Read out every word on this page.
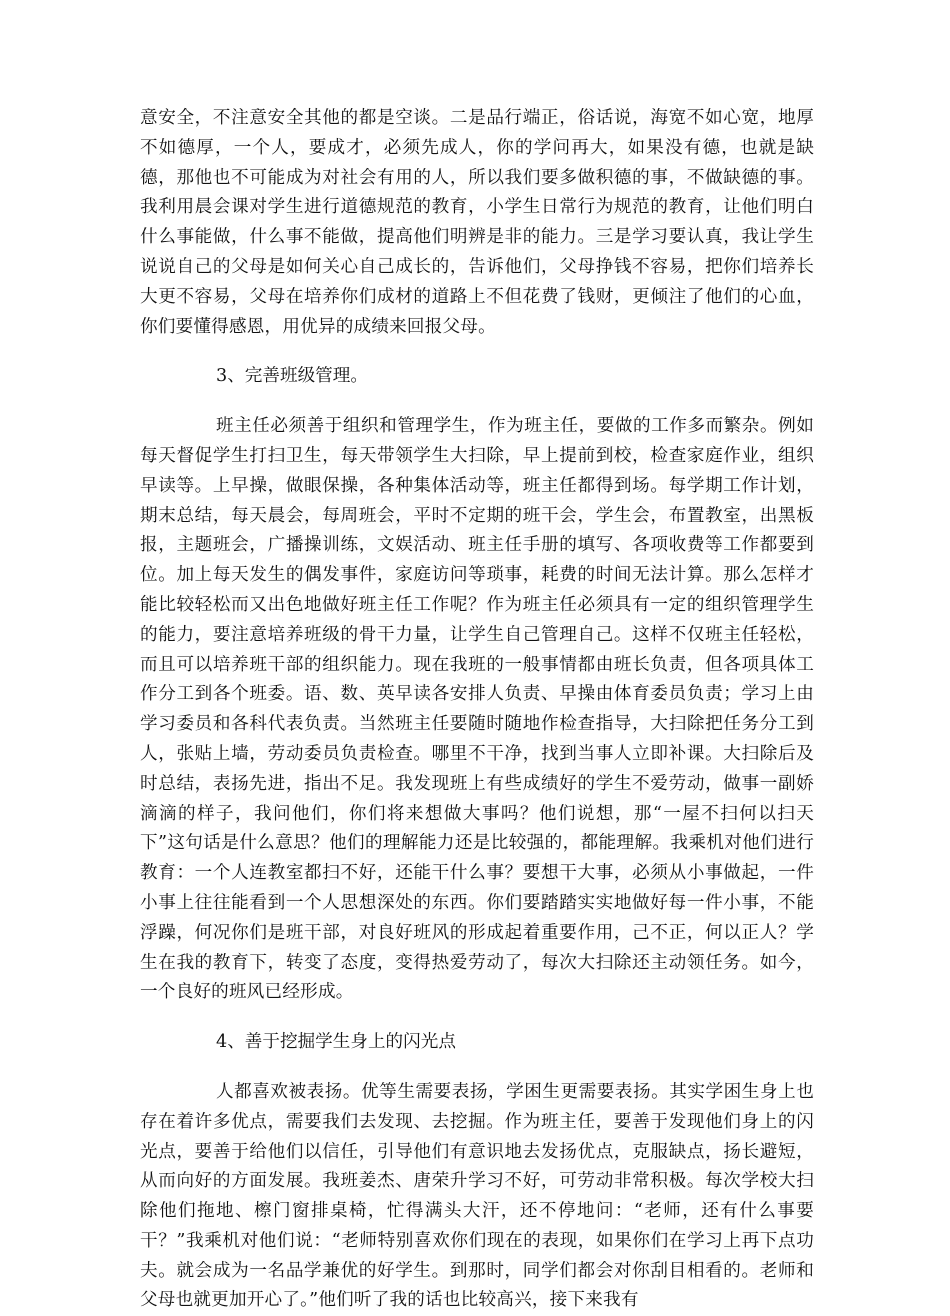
意安全，不注意安全其他的都是空谈。二是品行端正，俗话说，海宽不如心宽，地厚不如德厚，一个人，要成才，必须先成人，你的学问再大，如果没有德，也就是缺德，那他也不可能成为对社会有用的人，所以我们要多做积德的事，不做缺德的事。我利用晨会课对学生进行道德规范的教育，小学生日常行为规范的教育，让他们明白什么事能做，什么事不能做，提高他们明辨是非的能力。三是学习要认真，我让学生说说自己的父母是如何关心自己成长的，告诉他们，父母挣钱不容易，把你们培养长大更不容易，父母在培养你们成材的道路上不但花费了钱财，更倾注了他们的心血，你们要懂得感恩，用优异的成绩来回报父母。

3、完善班级管理。

班主任必须善于组织和管理学生，作为班主任，要做的工作多而繁杂。例如每天督促学生打扫卫生，每天带领学生大扫除，早上提前到校，检查家庭作业，组织早读等。上早操，做眼保操，各种集体活动等，班主任都得到场。每学期工作计划，期末总结，每天晨会，每周班会，平时不定期的班干会，学生会，布置教室，出黑板报，主题班会，广播操训练，文娱活动、班主任手册的填写、各项收费等工作都要到位。加上每天发生的偶发事件，家庭访问等琐事，耗费的时间无法计算。那么怎样才能比较轻松而又出色地做好班主任工作呢？作为班主任必须具有一定的组织管理学生的能力，要注意培养班级的骨干力量，让学生自己管理自己。这样不仅班主任轻松，而且可以培养班干部的组织能力。现在我班的一般事情都由班长负责，但各项具体工作分工到各个班委。语、数、英早读各安排人负责、早操由体育委员负责；学习上由学习委员和各科代表负责。当然班主任要随时随地作检查指导，大扫除把任务分工到人，张贴上墙，劳动委员负责检查。哪里不干净，找到当事人立即补课。大扫除后及时总结，表扬先进，指出不足。我发现班上有些成绩好的学生不爱劳动，做事一副娇滴滴的样子，我问他们，你们将来想做大事吗？他们说想，那“一屋不扫何以扫天下”这句话是什么意思？他们的理解能力还是比较强的，都能理解。我乘机对他们进行教育：一个人连教室都扫不好，还能干什么事？要想干大事，必须从小事做起，一件小事上往往能看到一个人思想深处的东西。你们要踏踏实实地做好每一件小事，不能浮躁，何况你们是班干部，对良好班风的形成起着重要作用，己不正，何以正人？学生在我的教育下，转变了态度，变得热爱劳动了，每次大扫除还主动领任务。如今，一个良好的班风已经形成。

4、善于挖掘学生身上的闪光点

人都喜欢被表扬。优等生需要表扬，学困生更需要表扬。其实学困生身上也存在着许多优点，需要我们去发现、去挖掘。作为班主任，要善于发现他们身上的闪光点，要善于给他们以信任，引导他们有意识地去发扬优点，克服缺点，扬长避短，从而向好的方面发展。我班姜杰、唐荣升学习不好，可劳动非常积极。每次学校大扫除他们拖地、檫门窗排桌椅，忙得满头大汗，还不停地问：“老师，还有什么事要干？”我乘机对他们说：“老师特别喜欢你们现在的表现，如果你们在学习上再下点功夫。就会成为一名品学兼优的好学生。到那时，同学们都会对你刮目相看的。老师和父母也就更加开心了。”他们听了我的话也比较高兴，接下来我有
